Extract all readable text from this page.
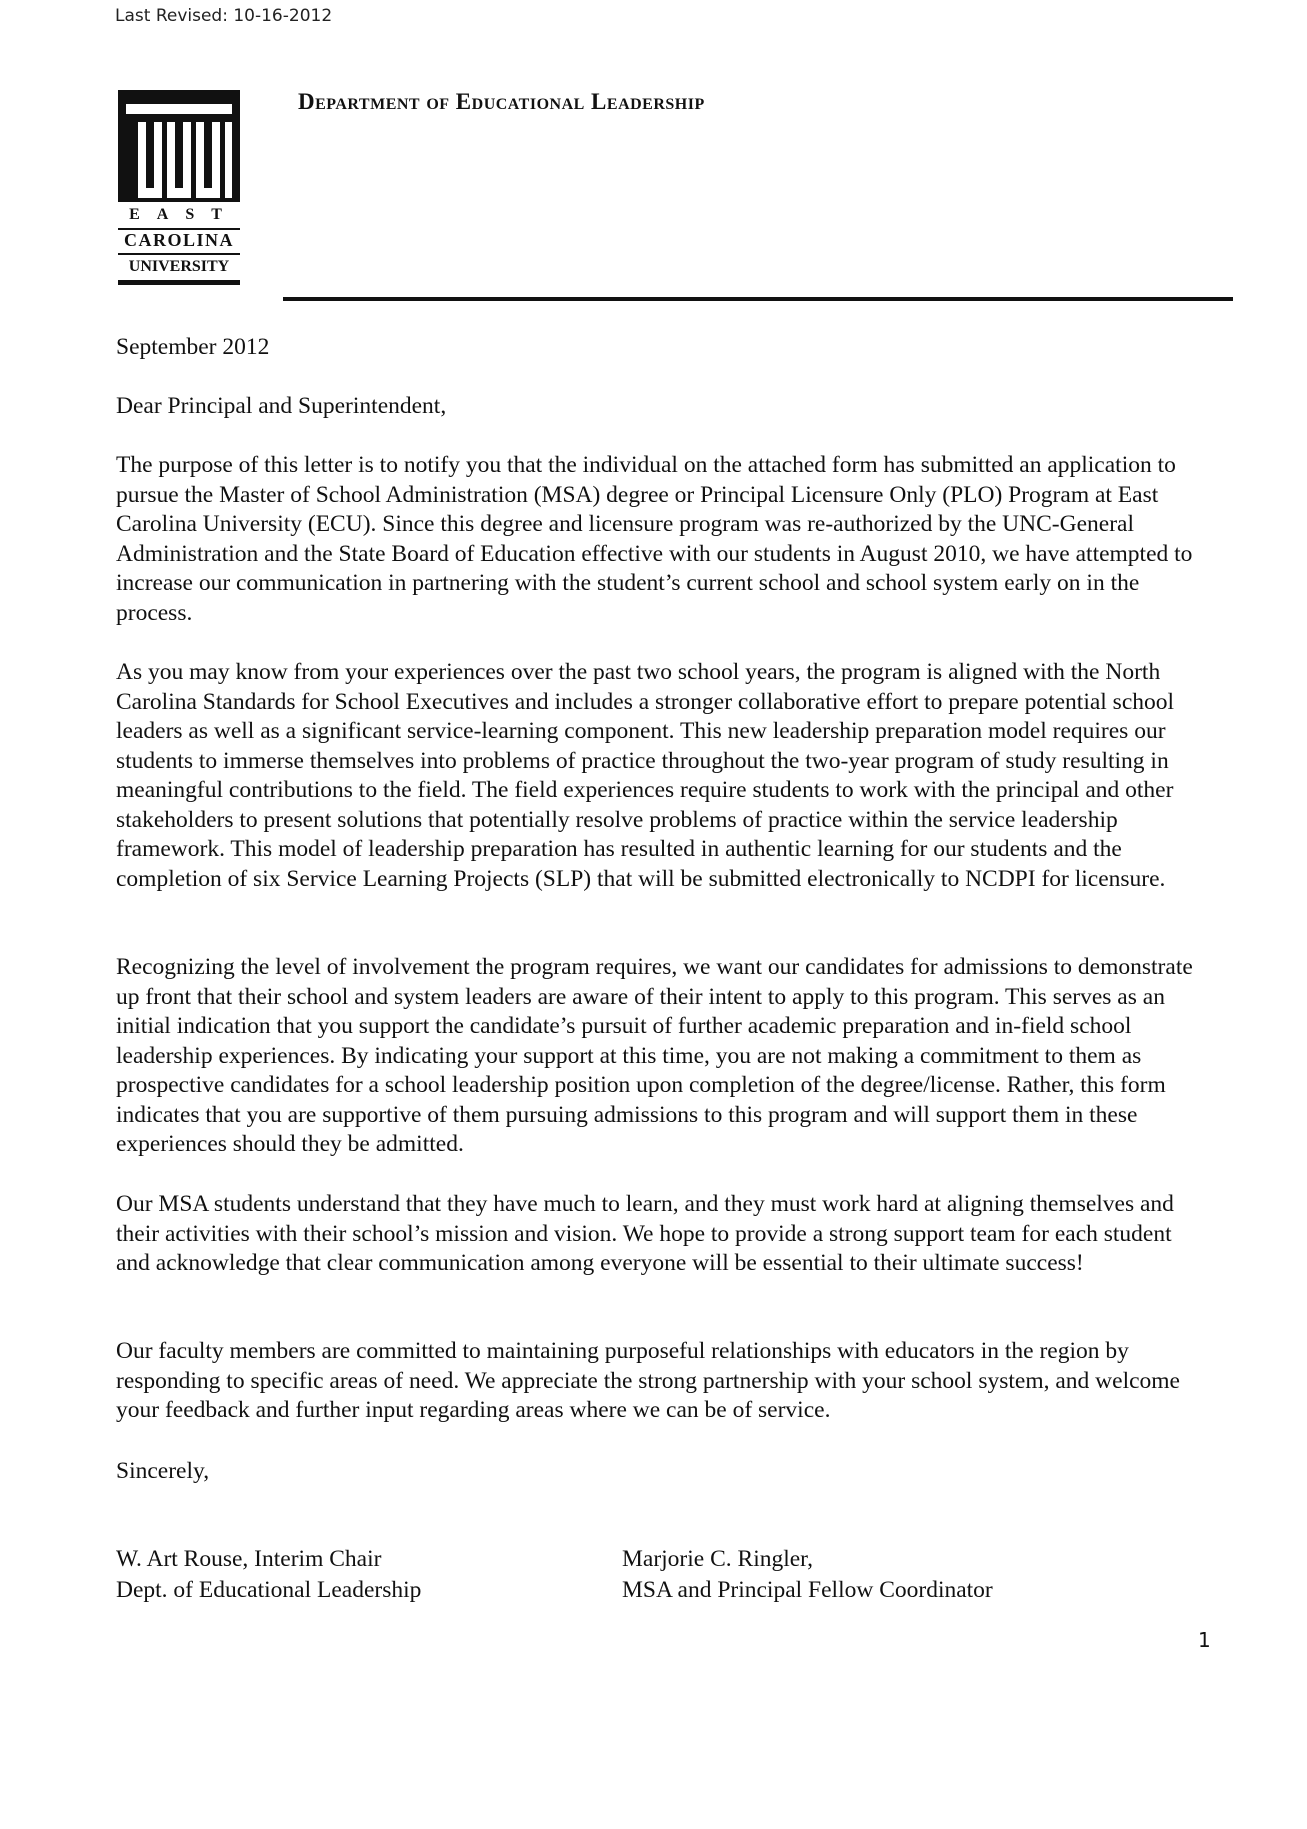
Last Revised: 10-16-2012
EAST
CAROLINA
UNIVERSITY
Department of Educational Leadership

September 2012

Dear Principal and Superintendent,

The purpose of this letter is to notify you that the individual on the attached form has submitted an application to pursue the Master of School Administration (MSA) degree or Principal Licensure Only (PLO) Program at East Carolina University (ECU). Since this degree and licensure program was re-authorized by the UNC-General Administration and the State Board of Education effective with our students in August 2010, we have attempted to increase our communication in partnering with the student’s current school and school system early on in the process.

As you may know from your experiences over the past two school years, the program is aligned with the North Carolina Standards for School Executives and includes a stronger collaborative effort to prepare potential school leaders as well as a significant service-learning component. This new leadership preparation model requires our students to immerse themselves into problems of practice throughout the two-year program of study resulting in meaningful contributions to the field. The field experiences require students to work with the principal and other stakeholders to present solutions that potentially resolve problems of practice within the service leadership framework. This model of leadership preparation has resulted in authentic learning for our students and the completion of six Service Learning Projects (SLP) that will be submitted electronically to NCDPI for licensure.

Recognizing the level of involvement the program requires, we want our candidates for admissions to demonstrate up front that their school and system leaders are aware of their intent to apply to this program. This serves as an initial indication that you support the candidate’s pursuit of further academic preparation and in-field school leadership experiences. By indicating your support at this time, you are not making a commitment to them as prospective candidates for a school leadership position upon completion of the degree/license. Rather, this form indicates that you are supportive of them pursuing admissions to this program and will support them in these experiences should they be admitted.

Our MSA students understand that they have much to learn, and they must work hard at aligning themselves and their activities with their school’s mission and vision. We hope to provide a strong support team for each student and acknowledge that clear communication among everyone will be essential to their ultimate success!

Our faculty members are committed to maintaining purposeful relationships with educators in the region by responding to specific areas of need. We appreciate the strong partnership with your school system, and welcome your feedback and further input regarding areas where we can be of service.

Sincerely,

W. Art Rouse, Interim Chair
Dept. of Educational Leadership
Marjorie C. Ringler,
MSA and Principal Fellow Coordinator
1
